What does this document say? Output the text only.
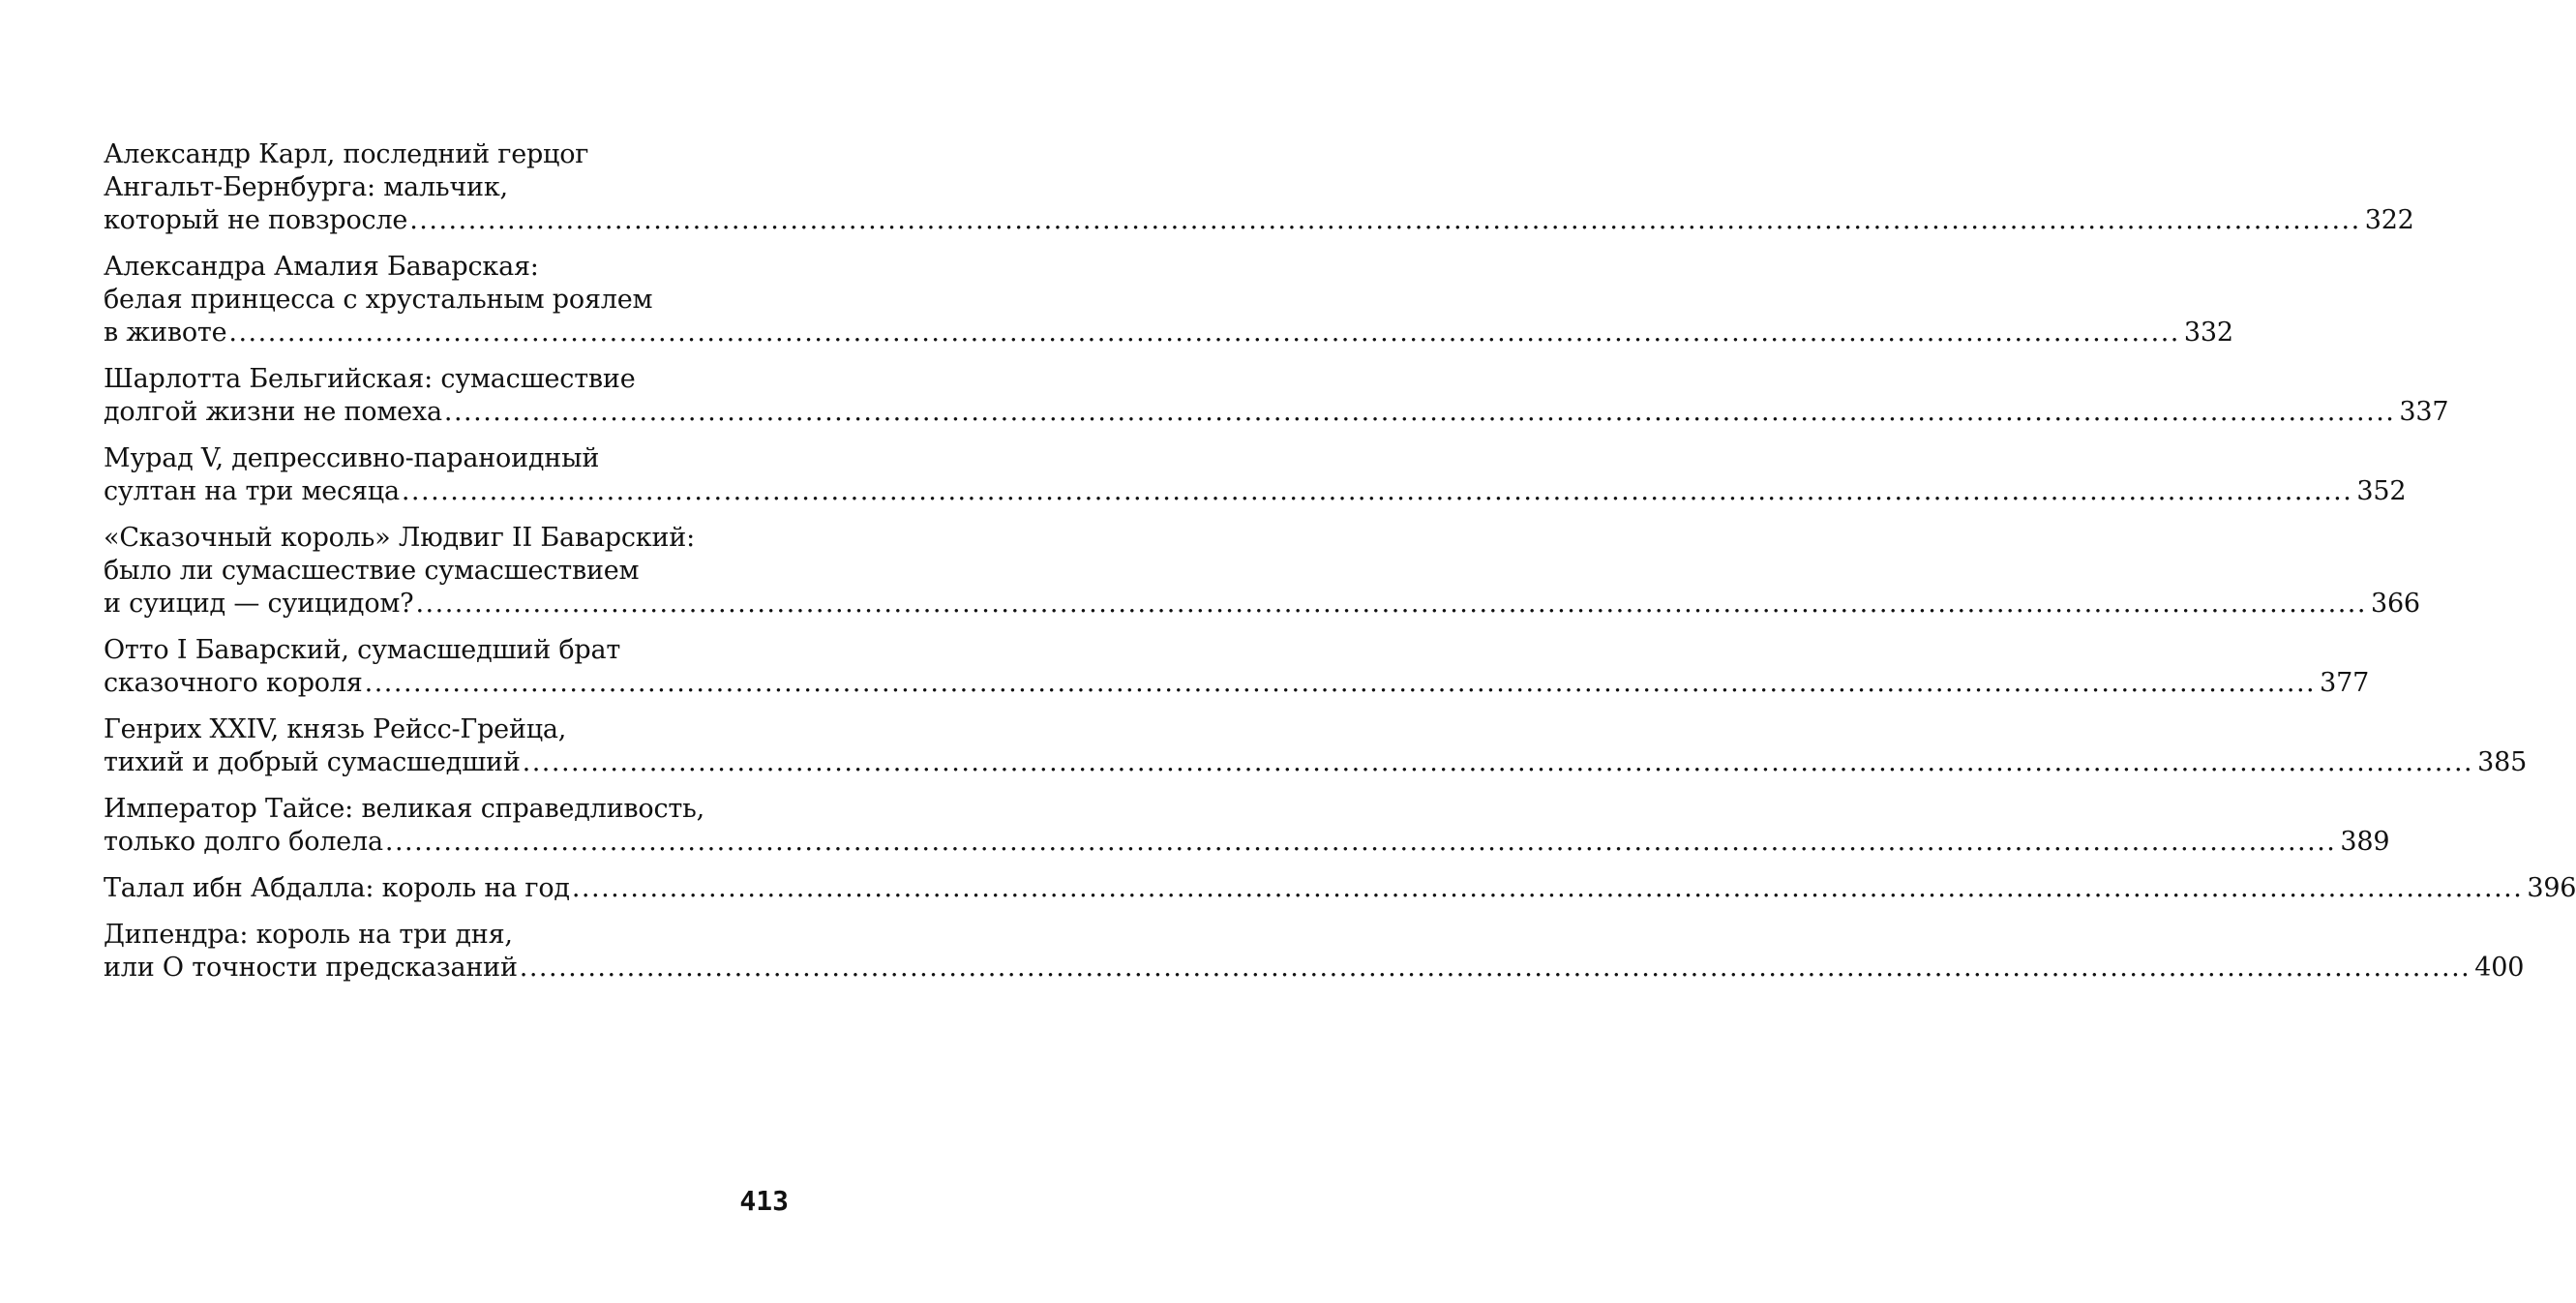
Александр Карл, последний герцог
Ангальт-Бернбурга: мальчик,
который не повзросле ........................................................................................................................................................................................................ 322
Александра Амалия Баварская:
белая принцесса с хрустальным роялем
в животе ........................................................................................................................................................................................................ 332
Шарлотта Бельгийская: сумасшествие
долгой жизни не помеха ........................................................................................................................................................................................................ 337
Мурад V, депрессивно-параноидный
султан на три месяца ........................................................................................................................................................................................................ 352
«Сказочный король» Людвиг II Баварский:
было ли сумасшествие сумасшествием
и суицид — суицидом? ........................................................................................................................................................................................................ 366
Отто I Баварский, сумасшедший брат
сказочного короля ........................................................................................................................................................................................................ 377
Генрих XXIV, князь Рейсс-Грейца,
тихий и добрый сумасшедший ........................................................................................................................................................................................................ 385
Император Тайсе: великая справедливость,
только долго болела ........................................................................................................................................................................................................ 389
Талал ибн Абдалла: король на год ........................................................................................................................................................................................................ 396
Дипендра: король на три дня,
или О точности предсказаний ........................................................................................................................................................................................................ 400
413
